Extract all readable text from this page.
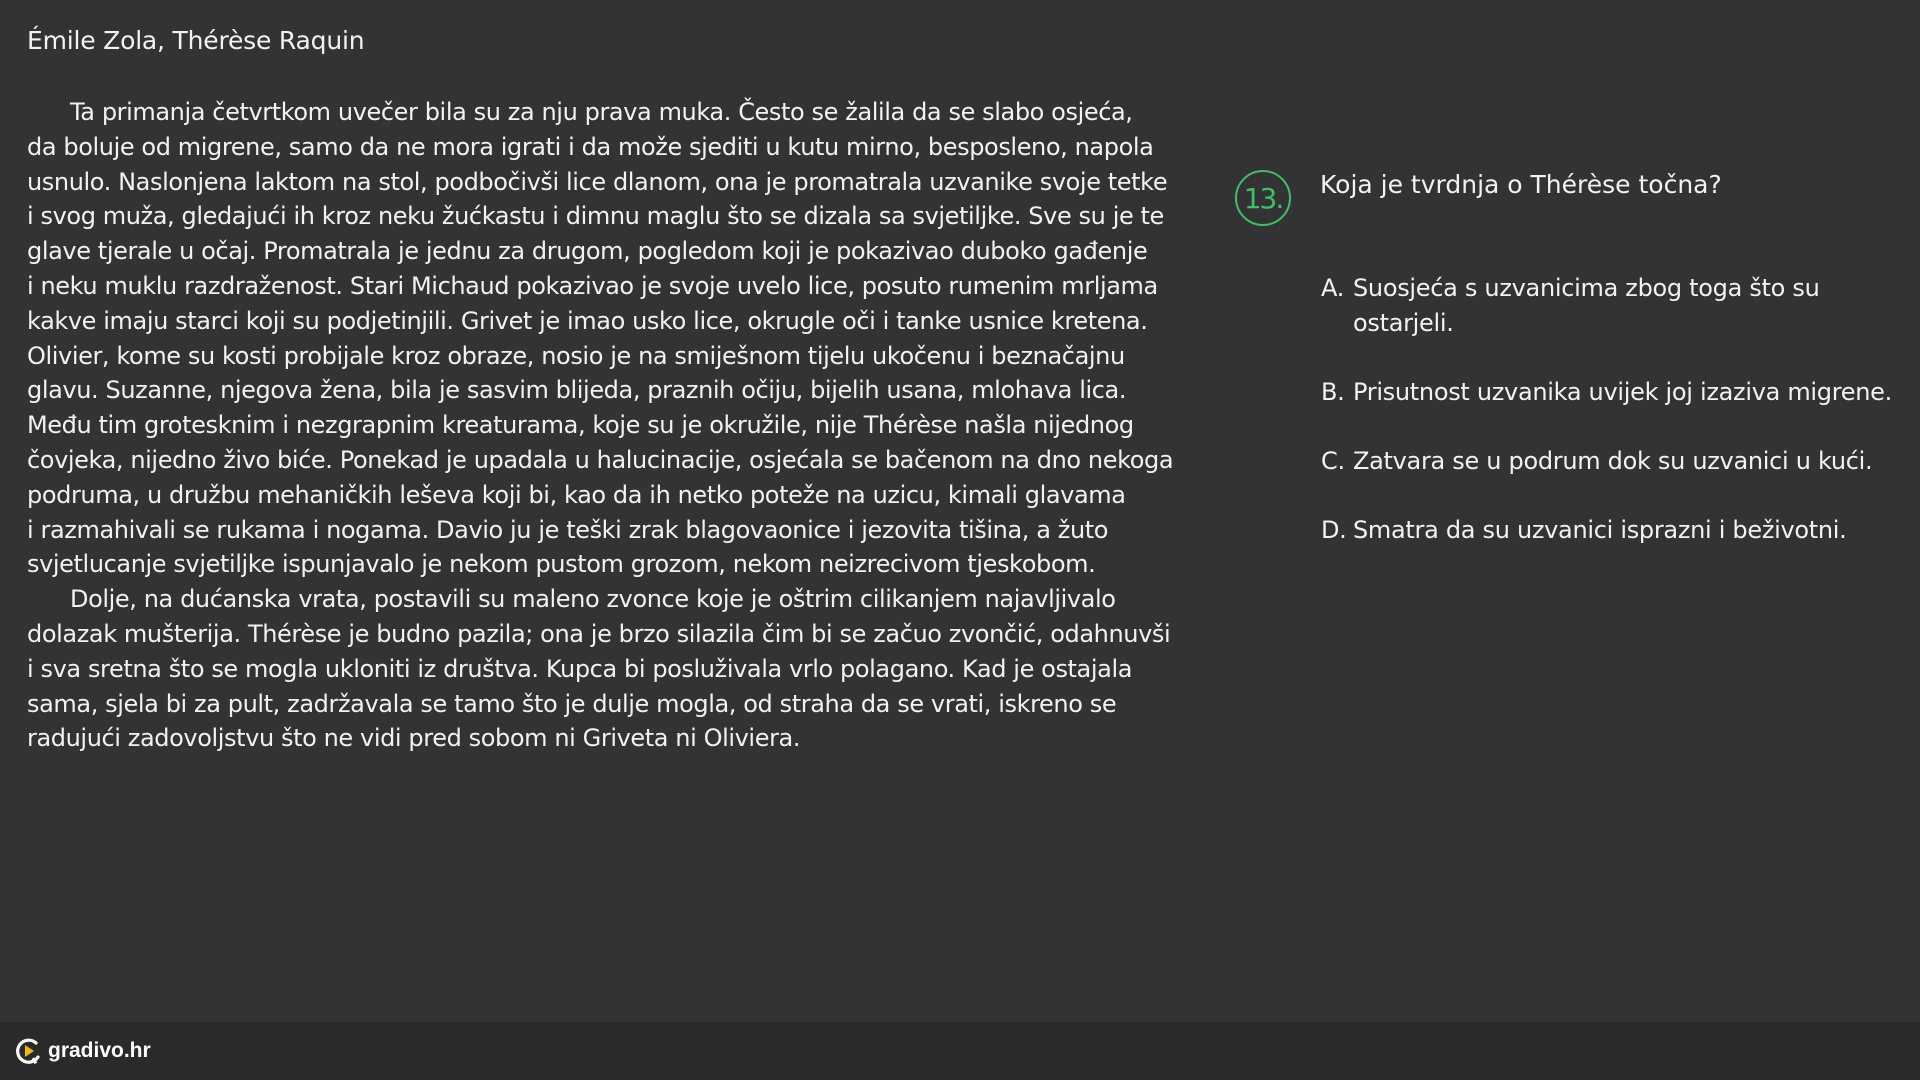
Émile Zola, Thérèse Raquin
Ta primanja četvrtkom uvečer bila su za nju prava muka. Često se žalila da se slabo osjeća,
da boluje od migrene, samo da ne mora igrati i da može sjediti u kutu mirno, besposleno, napola
usnulo. Naslonjena laktom na stol, podbočivši lice dlanom, ona je promatrala uzvanike svoje tetke
i svog muža, gledajući ih kroz neku žućkastu i dimnu maglu što se dizala sa svjetiljke. Sve su je te
glave tjerale u očaj. Promatrala je jednu za drugom, pogledom koji je pokazivao duboko gađenje
i neku muklu razdraženost. Stari Michaud pokazivao je svoje uvelo lice, posuto rumenim mrljama
kakve imaju starci koji su podjetinjili. Grivet je imao usko lice, okrugle oči i tanke usnice kretena.
Olivier, kome su kosti probijale kroz obraze, nosio je na smiješnom tijelu ukočenu i beznačajnu
glavu. Suzanne, njegova žena, bila je sasvim blijeda, praznih očiju, bijelih usana, mlohava lica.
Među tim grotesknim i nezgrapnim kreaturama, koje su je okružile, nije Thérèse našla nijednog
čovjeka, nijedno živo biće. Ponekad je upadala u halucinacije, osjećala se bačenom na dno nekoga
podruma, u družbu mehaničkih leševa koji bi, kao da ih netko poteže na uzicu, kimali glavama
i razmahivali se rukama i nogama. Davio ju je teški zrak blagovaonice i jezovita tišina, a žuto
svjetlucanje svjetiljke ispunjavalo je nekom pustom grozom, nekom neizrecivom tjeskobom.
Dolje, na dućanska vrata, postavili su maleno zvonce koje je oštrim cilikanjem najavljivalo
dolazak mušterija. Thérèse je budno pazila; ona je brzo silazila čim bi se začuo zvončić, odahnuvši
i sva sretna što se mogla ukloniti iz društva. Kupca bi posluživala vrlo polagano. Kad je ostajala
sama, sjela bi za pult, zadržavala se tamo što je dulje mogla, od straha da se vrati, iskreno se
radujući zadovoljstvu što ne vidi pred sobom ni Griveta ni Oliviera.
13.	Koja je tvrdnja o Thérèse točna?
A. Suosjeća s uzvanicima zbog toga što su ostarjeli.
B. Prisutnost uzvanika uvijek joj izaziva migrene.
C. Zatvara se u podrum dok su uzvanici u kući.
D. Smatra da su uzvanici isprazni i beživotni.
gradivo.hr
